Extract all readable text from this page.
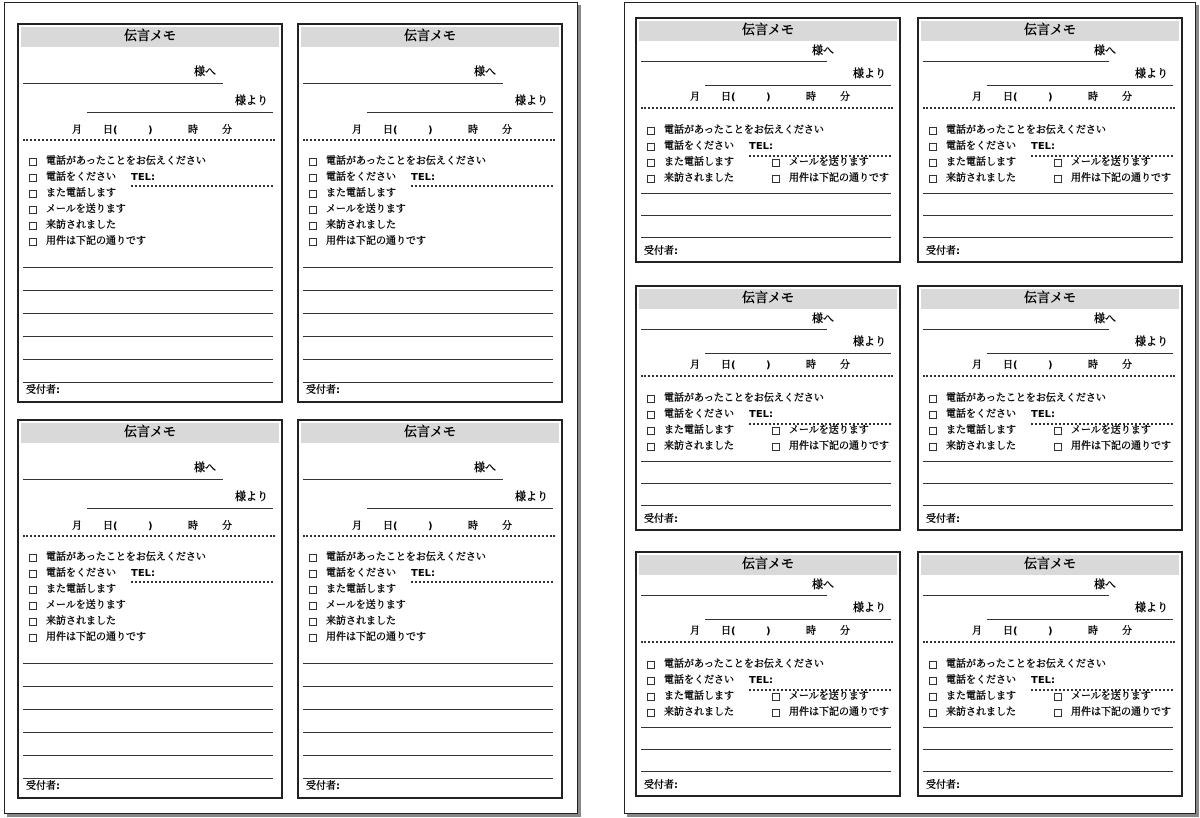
伝言メモ
様へ
様より
月 日(	)	時 分
電話があったことをお伝えください
電話をください
また電話します
メールを送ります
来訪されました
用件は下記の通りです
TEL:
受付者:
伝言メモ
様へ
様より
月 日(	)	時 分
電話があったことをお伝えください
電話をください
また電話します
メールを送ります
来訪されました
用件は下記の通りです
TEL:
受付者:
伝言メモ
様へ
様より
月 日(	)	時 分
電話があったことをお伝えください
電話をください
また電話します
メールを送ります
来訪されました
用件は下記の通りです
TEL:
受付者:
伝言メモ
様へ
様より
月 日(	)	時 分
電話があったことをお伝えください
電話をください
また電話します
メールを送ります
来訪されました
用件は下記の通りです
TEL:
受付者:
伝言メモ
様へ
様より
月 日(	)	時 分
電話があったことをお伝えください
電話をください
また電話します
来訪されました
TEL:
メールを送ります
用件は下記の通りです
受付者:
伝言メモ
様へ
様より
月 日(	)	時 分
電話があったことをお伝えください
電話をください
また電話します
来訪されました
TEL:
メールを送ります
用件は下記の通りです
受付者:
伝言メモ
様へ
様より
月 日(	)	時 分
電話があったことをお伝えください
電話をください
また電話します
来訪されました
TEL:
メールを送ります
用件は下記の通りです
受付者:
伝言メモ
様へ
様より
月 日(	)	時 分
電話があったことをお伝えください
電話をください
また電話します
来訪されました
TEL:
メールを送ります
用件は下記の通りです
受付者:
伝言メモ
様へ
様より
月 日(	)	時 分
電話があったことをお伝えください
電話をください
また電話します
来訪されました
TEL:
メールを送ります
用件は下記の通りです
受付者:
伝言メモ
様へ
様より
月 日(	)	時 分
電話があったことをお伝えください
電話をください
また電話します
来訪されました
TEL:
メールを送ります
用件は下記の通りです
受付者:
